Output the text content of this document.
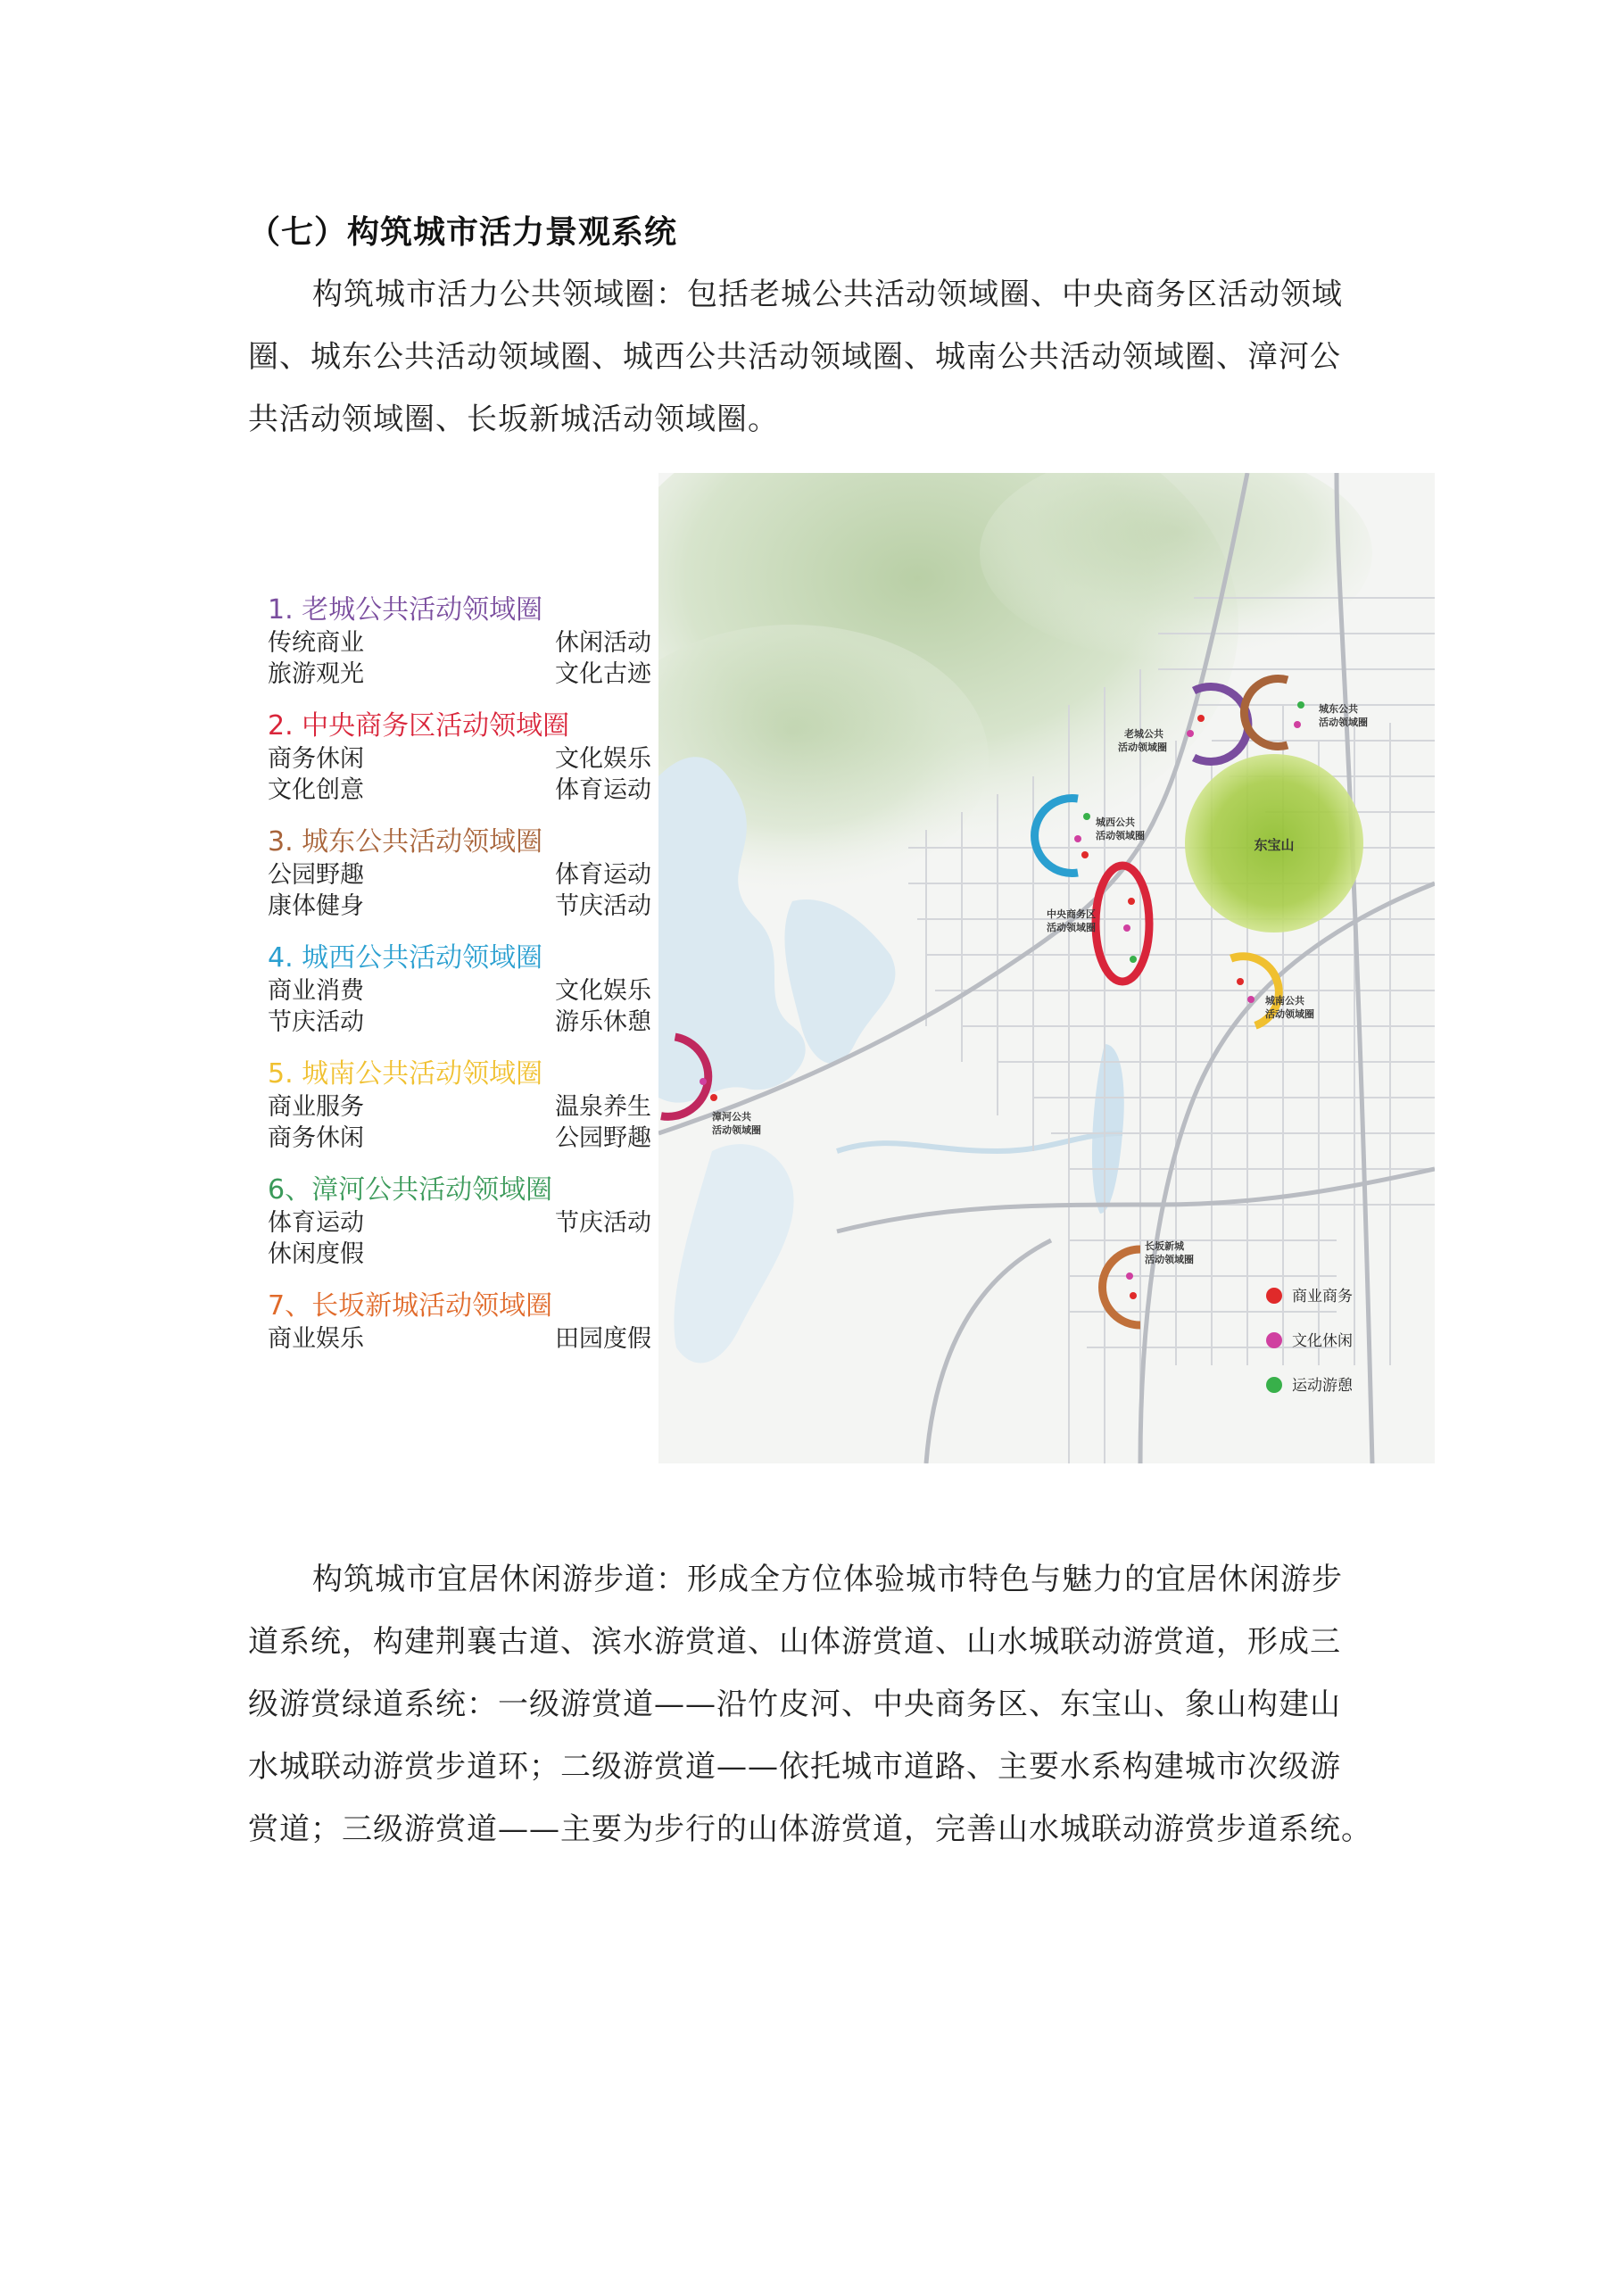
（七）构筑城市活力景观系统
构筑城市活力公共领域圈：包括老城公共活动领域圈、中央商务区活动领域
圈、城东公共活动领域圈、城西公共活动领域圈、城南公共活动领域圈、漳河公
共活动领域圈、长坂新城活动领域圈。
1. 老城公共活动领域圈
传统商业	休闲活动
旅游观光	文化古迹
2. 中央商务区活动领域圈
商务休闲	文化娱乐
文化创意	体育运动
3. 城东公共活动领域圈
公园野趣	体育运动
康体健身	节庆活动
4. 城西公共活动领域圈
商业消费	文化娱乐
节庆活动	游乐休憩
5. 城南公共活动领域圈
商业服务	温泉养生
商务休闲	公园野趣
6、漳河公共活动领域圈
体育运动	节庆活动
休闲度假
7、长坂新城活动领域圈
商业娱乐	田园度假
东宝山
老城公共
活动领域圈
城东公共
活动领域圈
城西公共
活动领域圈
中央商务区
活动领域圈
城南公共
活动领域圈
漳河公共
活动领域圈
长坂新城
活动领域圈
商业商务
文化休闲
运动游憩
构筑城市宜居休闲游步道：形成全方位体验城市特色与魅力的宜居休闲游步
道系统，构建荆襄古道、滨水游赏道、山体游赏道、山水城联动游赏道，形成三
级游赏绿道系统：一级游赏道——沿竹皮河、中央商务区、东宝山、象山构建山
水城联动游赏步道环；二级游赏道——依托城市道路、主要水系构建城市次级游
赏道；三级游赏道——主要为步行的山体游赏道，完善山水城联动游赏步道系统。
